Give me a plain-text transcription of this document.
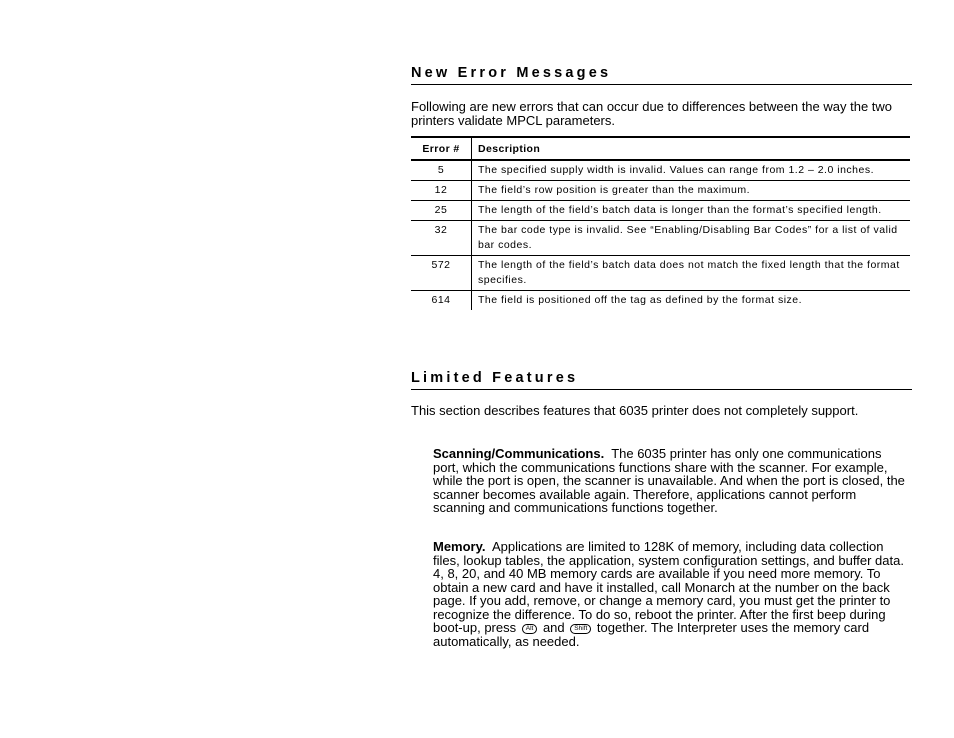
New Error Messages
Following are new errors that can occur due to differences between the way the two printers validate MPCL parameters.
Error #	Description
5	The specified supply width is invalid. Values can range from 1.2 – 2.0 inches.
12	The field’s row position is greater than the maximum.
25	The length of the field’s batch data is longer than the format’s specified length.
32	The bar code type is invalid. See “Enabling/Disabling Bar Codes” for a list of valid bar codes.
572	The length of the field’s batch data does not match the fixed length that the format specifies.
614	The field is positioned off the tag as defined by the format size.
Limited Features
This section describes features that 6035 printer does not completely support.
Scanning/Communications. The 6035 printer has only one communications port, which the communications functions share with the scanner. For example, while the port is open, the scanner is unavailable. And when the port is closed, the scanner becomes available again. Therefore, applications cannot perform scanning and communications functions together.
Memory. Applications are limited to 128K of memory, including data collection files, lookup tables, the application, system configuration settings, and buffer data. 4, 8, 20, and 40 MB memory cards are available if you need more memory. To obtain a new card and have it installed, call Monarch at the number on the back page. If you add, remove, or change a memory card, you must get the printer to recognize the difference. To do so, reboot the printer. After the first beep during boot-up, press Alt and Shift together. The Interpreter uses the memory card automatically, as needed.
